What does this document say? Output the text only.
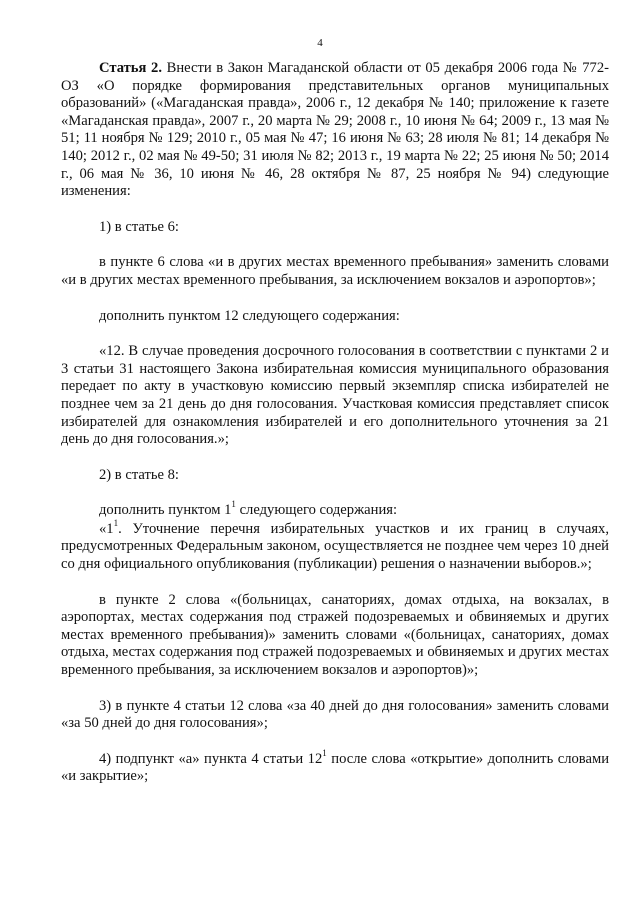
4

Статья 2. Внести в Закон Магаданской области от 05 декабря 2006 года № 772-ОЗ «О порядке формирования представительных органов муниципальных образований» («Магаданская правда», 2006 г., 12 декабря № 140; приложение к газете «Магаданская правда», 2007 г., 20 марта № 29; 2008 г., 10 июня № 64; 2009 г., 13 мая № 51; 11 ноября № 129; 2010 г., 05 мая № 47; 16 июня № 63; 28 июля № 81; 14 декабря № 140; 2012 г., 02 мая № 49-50; 31 июля № 82; 2013 г., 19 марта № 22; 25 июня № 50; 2014 г., 06 мая № 36, 10 июня № 46, 28 октября № 87, 25 ноября № 94) следующие изменения:

1) в статье 6:

в пункте 6 слова «и в других местах временного пребывания» заменить словами «и в других местах временного пребывания, за исключением вокзалов и аэропортов»;

дополнить пунктом 12 следующего содержания:

«12. В случае проведения досрочного голосования в соответствии с пунктами 2 и 3 статьи 31 настоящего Закона избирательная комиссия муниципального образования передает по акту в участковую комиссию первый экземпляр списка избирателей не позднее чем за 21 день до дня голосования. Участковая комиссия представляет список избирателей для ознакомления избирателей и его дополнительного уточнения за 21 день до дня голосования.»;

2) в статье 8:

дополнить пунктом $1^1$ следующего содержания:

«$1^1$. Уточнение перечня избирательных участков и их границ в случаях, предусмотренных Федеральным законом, осуществляется не позднее чем через 10 дней со дня официального опубликования (публикации) решения о назначении выборов.»;

в пункте 2 слова «(больницах, санаториях, домах отдыха, на вокзалах, в аэропортах, местах содержания под стражей подозреваемых и обвиняемых и других местах временного пребывания)» заменить словами «(больницах, санаториях, домах отдыха, местах содержания под стражей подозреваемых и обвиняемых и других местах временного пребывания, за исключением вокзалов и аэропортов)»;

3) в пункте 4 статьи 12 слова «за 40 дней до дня голосования» заменить словами «за 50 дней до дня голосования»;

4) подпункт «а» пункта 4 статьи $12^1$ после слова «открытие» дополнить словами «и закрытие»;
